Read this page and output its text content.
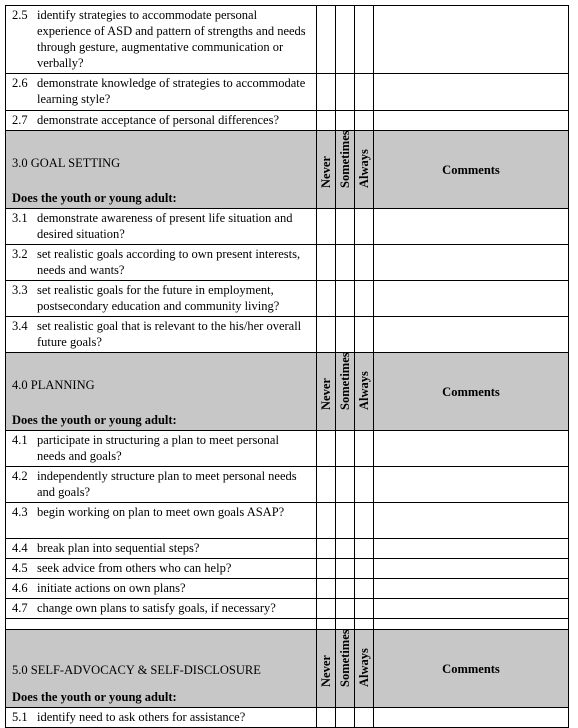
2.5 identify strategies to accommodate personal experience of ASD and pattern of strengths and needs through gesture, augmentative communication or verbally?				
2.6 demonstrate knowledge of strategies to accommodate learning style?				
2.7 demonstrate acceptance of personal differences?				

3.0 GOAL SETTING
Does the youth or young adult:	Never	Sometimes	Always	Comments
3.1 demonstrate awareness of present life situation and desired situation?				
3.2 set realistic goals according to own present interests, needs and wants?				
3.3 set realistic goals for the future in employment, postsecondary education and community living?				
3.4 set realistic goal that is relevant to the his/her overall future goals?				

4.0 PLANNING
Does the youth or young adult:	Never	Sometimes	Always	Comments
4.1 participate in structuring a plan to meet personal needs and goals?				
4.2 independently structure plan to meet personal needs and goals?				
4.3 begin working on plan to meet own goals ASAP?				
4.4 break plan into sequential steps?				
4.5 seek advice from others who can help?				
4.6 initiate actions on own plans?				
4.7 change own plans to satisfy goals, if necessary?				

5.0 SELF-ADVOCACY & SELF-DISCLOSURE
Does the youth or young adult:	Never	Sometimes	Always	Comments
5.1 identify need to ask others for assistance?				
